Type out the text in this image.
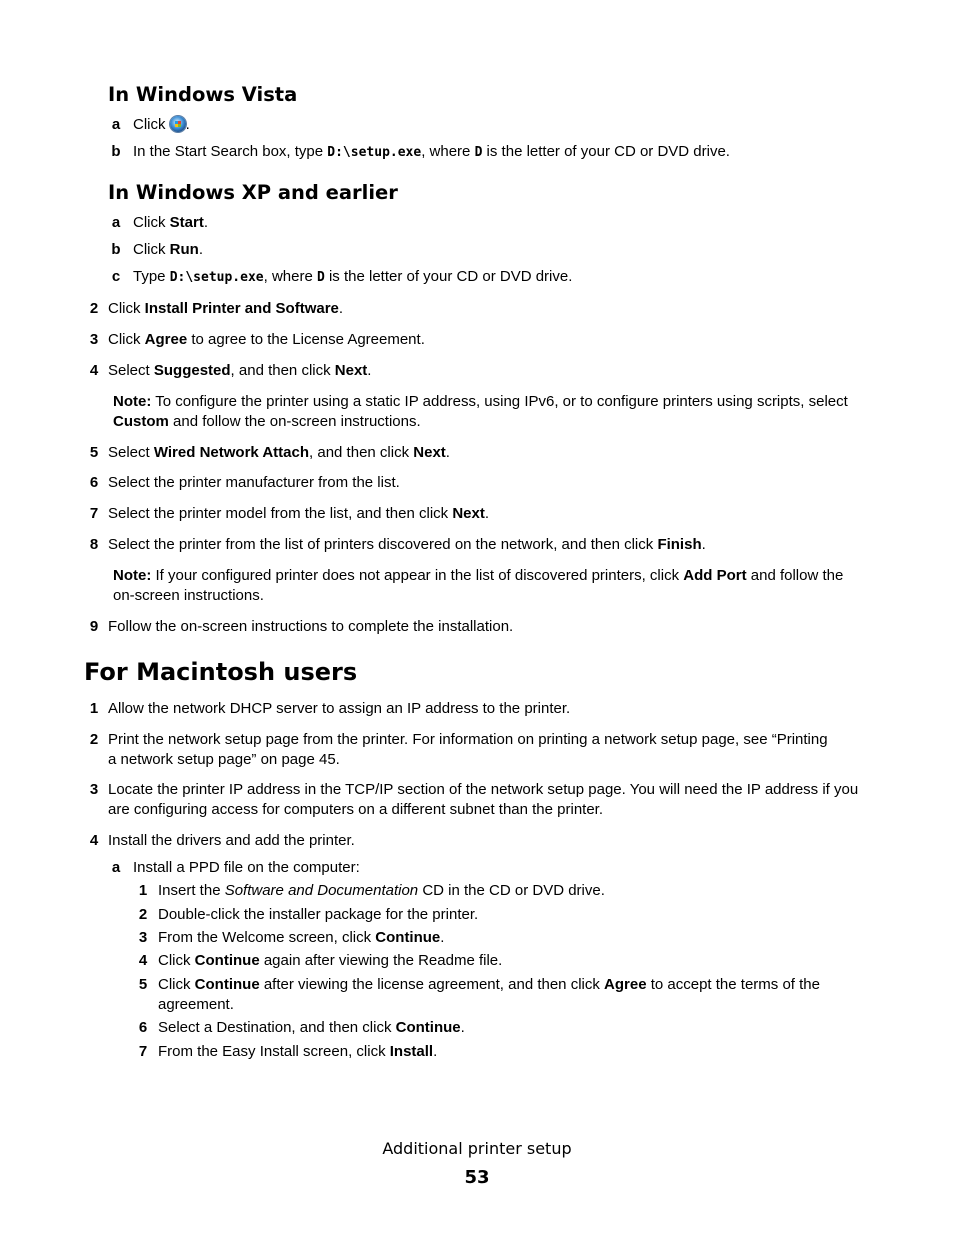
In Windows Vista
a Click .
b In the Start Search box, type D:\setup.exe, where D is the letter of your CD or DVD drive.
In Windows XP and earlier
a Click Start.
b Click Run.
c Type D:\setup.exe, where D is the letter of your CD or DVD drive.
2 Click Install Printer and Software.
3 Click Agree to agree to the License Agreement.
4 Select Suggested, and then click Next.
Note: To configure the printer using a static IP address, using IPv6, or to configure printers using scripts, select
Custom and follow the on-screen instructions.
5 Select Wired Network Attach, and then click Next.
6 Select the printer manufacturer from the list.
7 Select the printer model from the list, and then click Next.
8 Select the printer from the list of printers discovered on the network, and then click Finish.
Note: If your configured printer does not appear in the list of discovered printers, click Add Port and follow the
on-screen instructions.
9 Follow the on-screen instructions to complete the installation.
For Macintosh users
1 Allow the network DHCP server to assign an IP address to the printer.
2 Print the network setup page from the printer. For information on printing a network setup page, see “Printing
a network setup page” on page 45.
3 Locate the printer IP address in the TCP/IP section of the network setup page. You will need the IP address if you
are configuring access for computers on a different subnet than the printer.
4 Install the drivers and add the printer.
a Install a PPD file on the computer:
1 Insert the Software and Documentation CD in the CD or DVD drive.
2 Double-click the installer package for the printer.
3 From the Welcome screen, click Continue.
4 Click Continue again after viewing the Readme file.
5 Click Continue after viewing the license agreement, and then click Agree to accept the terms of the
agreement.
6 Select a Destination, and then click Continue.
7 From the Easy Install screen, click Install.
Additional printer setup
53
